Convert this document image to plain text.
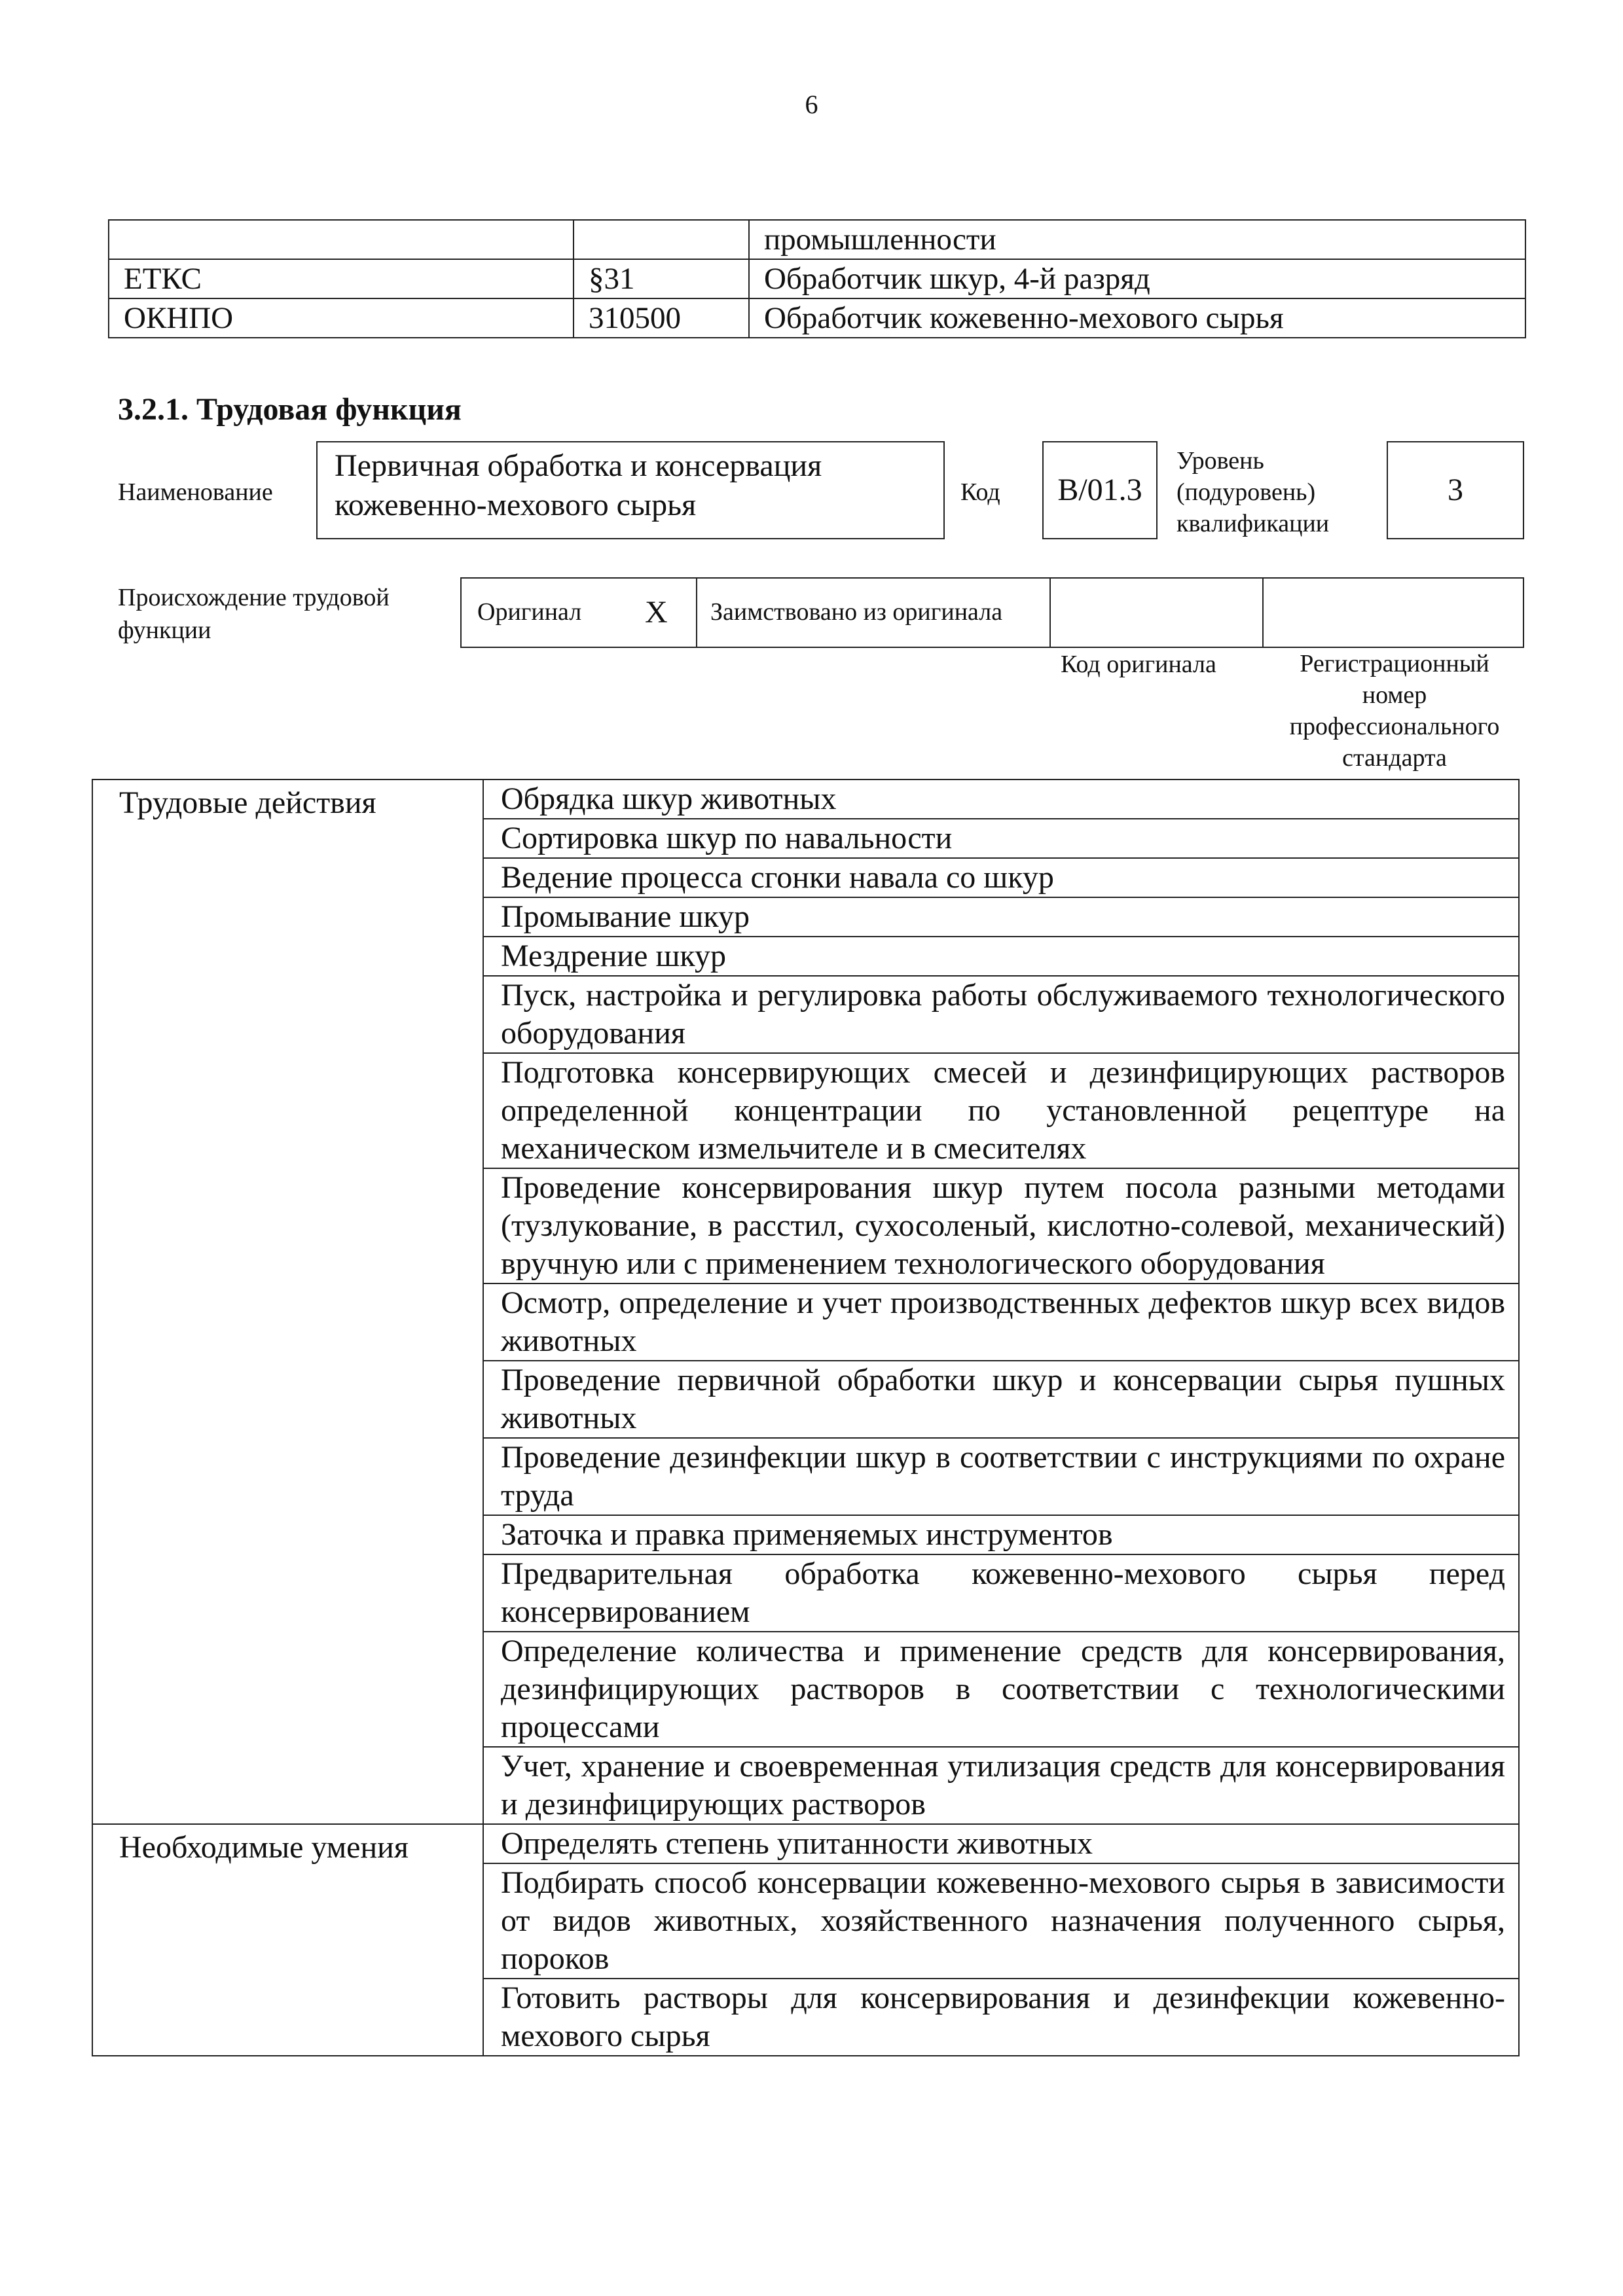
6
		промышленности
ЕТКС	§31	Обработчик шкур, 4-й разряд
ОКНПО	310500	Обработчик кожевенно-мехового сырья
3.2.1. Трудовая функция
Наименование
Первичная обработка и консервация
кожевенно-мехового сырья	Код	B/01.3
Уровень
(подуровень)
квалификации
3
Происхождение трудовой
функции
Оригинал X Заимствовано из оригинала
Код оригинала	Регистрационный
номер
профессионального
стандарта
Трудовые действия	Обрядка шкур животных
	Сортировка шкур по навальности
	Ведение процесса сгонки навала со шкур
	Промывание шкур
	Мездрение шкур
	Пуск, настройка и регулировка работы обслуживаемого технологического оборудования
	Подготовка консервирующих смесей и дезинфицирующих растворов определенной концентрации по установленной рецептуре на механическом измельчителе и в смесителях
	Проведение консервирования шкур путем посола разными методами (тузлукование, в расстил, сухосоленый, кислотно-солевой, механический) вручную или с применением технологического оборудования
	Осмотр, определение и учет производственных дефектов шкур всех видов животных
	Проведение первичной обработки шкур и консервации сырья пушных животных
	Проведение дезинфекции шкур в соответствии с инструкциями по охране труда
	Заточка и правка применяемых инструментов
	Предварительная обработка кожевенно-мехового сырья перед консервированием
	Определение количества и применение средств для консервирования, дезинфицирующих растворов в соответствии с технологическими процессами
	Учет, хранение и своевременная утилизация средств для консервирования и дезинфицирующих растворов
Необходимые умения	Определять степень упитанности животных
	Подбирать способ консервации кожевенно-мехового сырья в зависимости от видов животных, хозяйственного назначения полученного сырья, пороков
	Готовить растворы для консервирования и дезинфекции кожевенно-мехового сырья
